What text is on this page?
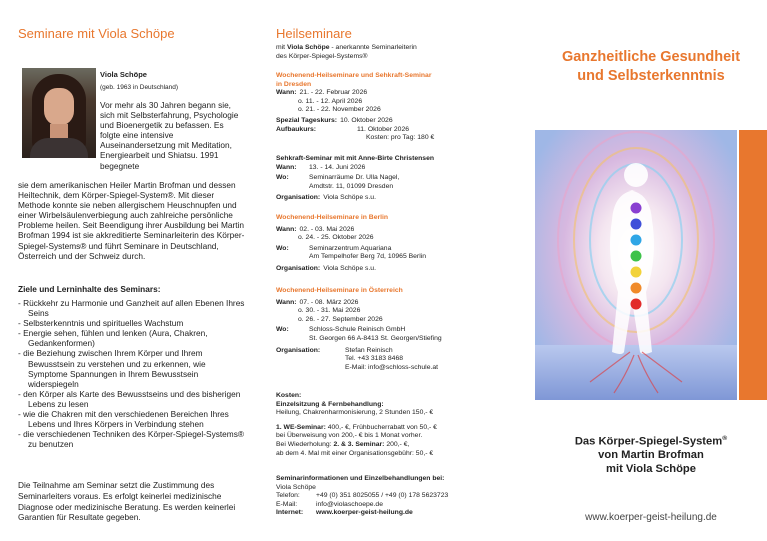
Seminare mit Viola Schöpe
Viola Schöpe
(geb. 1963 in Deutschland)
Vor mehr als 30 Jahren begann sie, sich mit Selbsterfahrung, Psychologie und Bioenergetik zu befassen. Es folgte eine intensive Auseinandersetzung mit Meditation, Energiearbeit und Shiatsu. 1991 begegnete
sie dem amerikanischen Heiler Martin Brofman und dessen Heiltechnik, dem Körper-Spiegel-System®. Mit dieser Methode konnte sie neben allergischem Heuschnupfen und einer Wirbelsäulenverbiegung auch zahlreiche persönliche Probleme heilen. Seit Beendigung ihrer Ausbildung bei Martin Brofman 1994 ist sie akkreditierte Seminarleiterin des Körper-Spiegel-Systems® und führt Seminare in Deutschland, Österreich und der Schweiz durch.
Ziele und Lerninhalte des Seminars:
- Rückkehr zu Harmonie und Ganzheit auf allen Ebenen Ihres Seins
- Selbsterkenntnis und spirituelles Wachstum
- Energie sehen, fühlen und lenken (Aura, Chakren, Gedankenformen)
- die Beziehung zwischen Ihrem Körper und Ihrem Bewusstsein zu verstehen und zu erkennen, wie Symptome Spannungen in Ihrem Bewusstsein widerspiegeln
- den Körper als Karte des Bewusstseins und des bisherigen Lebens zu lesen
- wie die Chakren mit den verschiedenen Bereichen Ihres Lebens und Ihres Körpers in Verbindung stehen
- die verschiedenen Techniken des Körper-Spiegel-Systems® zu benutzen
Die Teilnahme am Seminar setzt die Zustimmung des Seminarleiters voraus. Es erfolgt keinerlei medizinische Diagnose oder medizinische Beratung. Es werden keinerlei Garantien für Resultate gegeben.
Heilseminare
mit Viola Schöpe - anerkannte Seminarleiterin
des Körper-Spiegel-Systems®
Wochenend-Heilseminare und Sehkraft-Seminar
in Dresden
Wann: 21. - 22. Februar 2026
o. 11. - 12. April 2026
o. 21. - 22. November 2026
Spezial Tageskurs: 10. Oktober 2026
Aufbaukurs:	11. Oktober 2026
Kosten: pro Tag: 180 €
Sehkraft-Seminar mit mit Anne-Birte Christensen
Wann:	13. - 14. Juni 2026
Wo:	Seminarräume Dr. Ulla Nagel,
Amdtstr. 11, 01099 Dresden
Organisation: Viola Schöpe s.u.
Wochenend-Heilseminare in Berlin
Wann: 02. - 03. Mai 2026
o. 24. - 25. Oktober 2026
Wo:	Seminarzentrum Aquariana
Am Tempelhofer Berg 7d, 10965 Berlin
Organisation: Viola Schöpe s.u.
Wochenend-Heilseminare in Österreich
Wann: 07. - 08. März 2026
o. 30. - 31. Mai 2026
o. 26. - 27. September 2026
Wo:	Schloss-Schule Reinisch GmbH
St. Georgen 66 A-8413 St. Georgen/Stiefing
Organisation:	Stefan Reinisch
Tel. +43 3183 8468
E-Mail: info@schloss-schule.at
Kosten:
Einzelsitzung & Fernbehandlung:
Heilung, Chakrenharmonisierung, 2 Stunden 150,- €
1. WE-Seminar: 400,- €, Frühbucherrabatt von 50,- €
bei Überweisung von 200,- € bis 1 Monat vorher.
Bei Wiederholung: 2. & 3. Seminar: 200,- €,
ab dem 4. Mal mit einer Organisationsgebühr: 50,- €
Seminarinformationen und Einzelbehandlungen bei:
Viola Schöpe
Telefon:	+49 (0) 351 8025055 / +49 (0) 178 5623723
E-Mail:	info@violaschoepe.de
Internet:	www.koerper-geist-heilung.de
Ganzheitliche Gesundheit
und Selbsterkenntnis
Das Körper-Spiegel-System®
von Martin Brofman
mit Viola Schöpe
www.koerper-geist-heilung.de
